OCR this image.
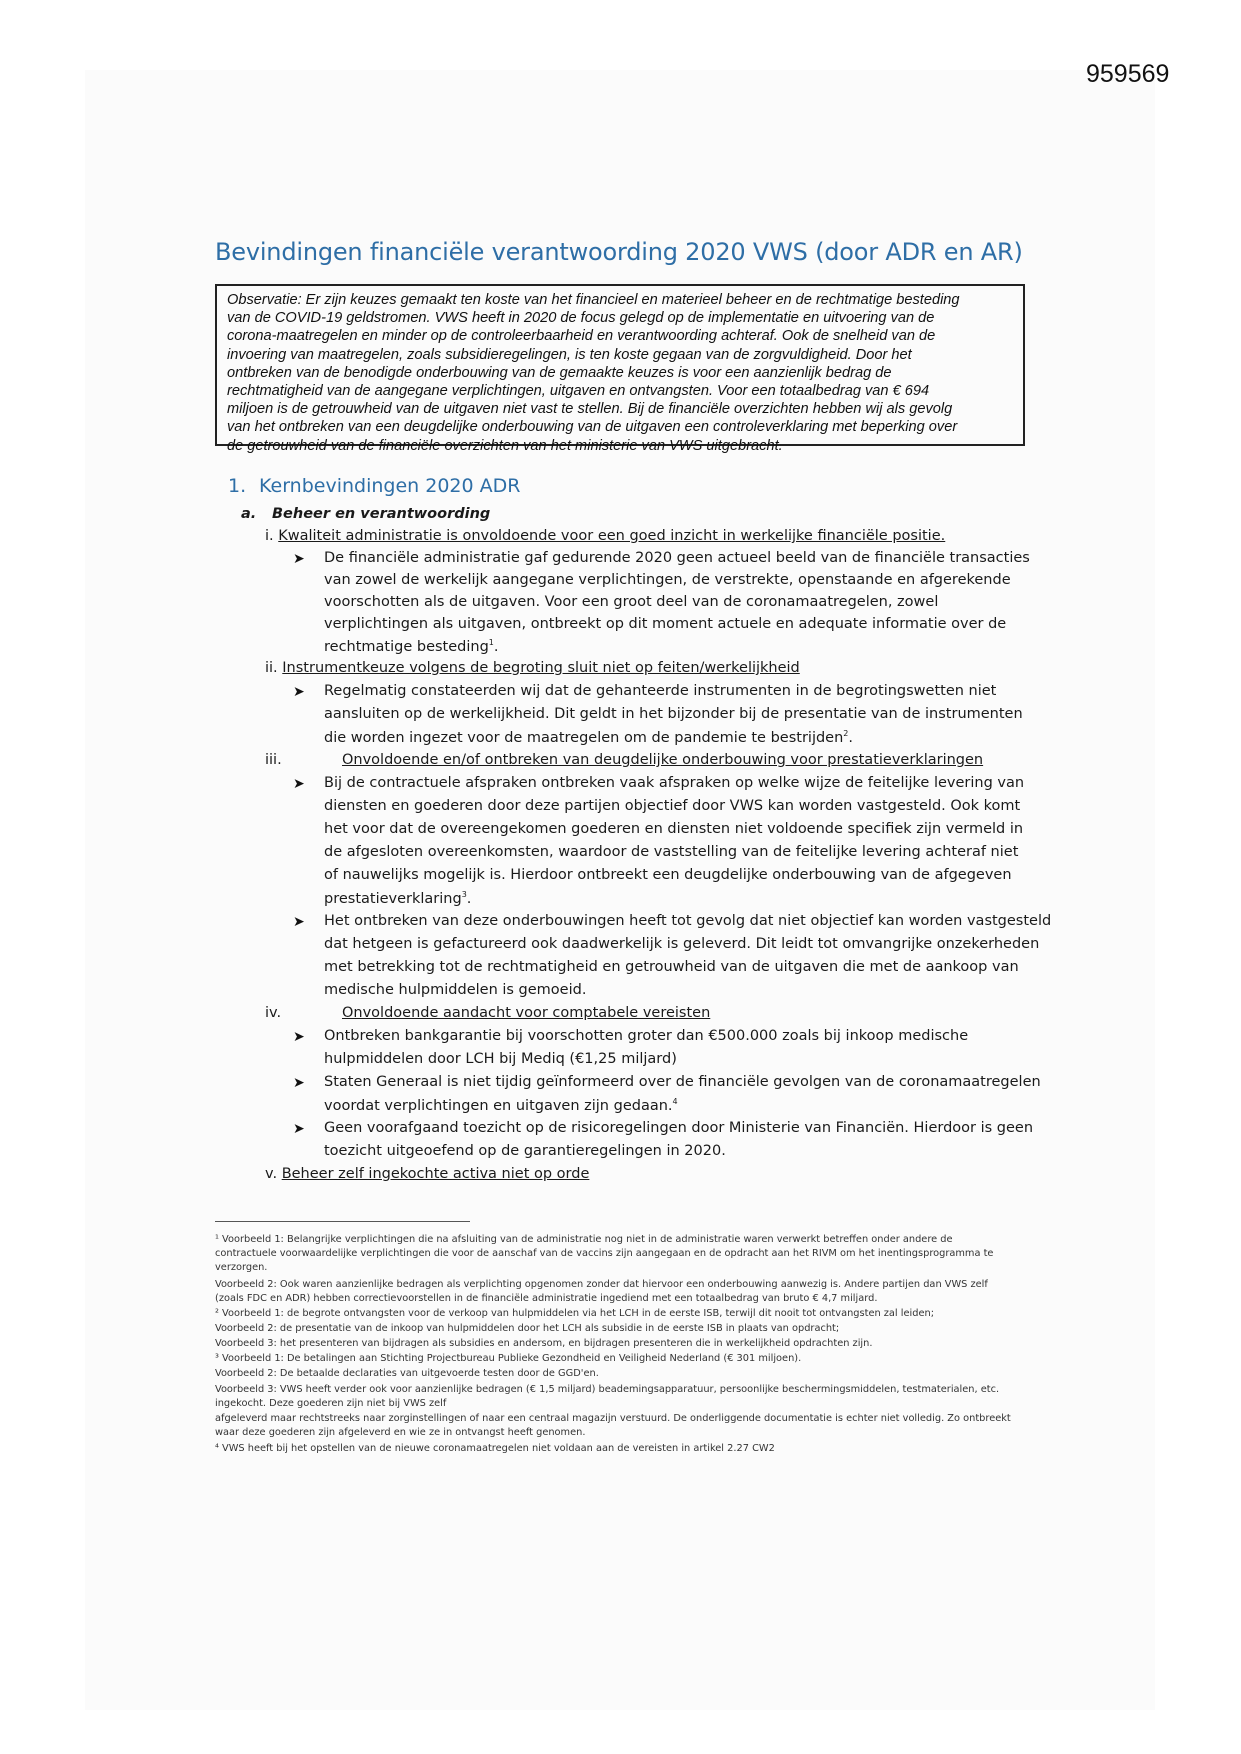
959569
Bevindingen financiële verantwoording 2020 VWS (door ADR en AR)
Observatie: Er zijn keuzes gemaakt ten koste van het financieel en materieel beheer en de rechtmatige besteding
van de COVID-19 geldstromen. VWS heeft in 2020 de focus gelegd op de implementatie en uitvoering van de
corona-maatregelen en minder op de controleerbaarheid en verantwoording achteraf. Ook de snelheid van de
invoering van maatregelen, zoals subsidieregelingen, is ten koste gegaan van de zorgvuldigheid. Door het
ontbreken van de benodigde onderbouwing van de gemaakte keuzes is voor een aanzienlijk bedrag de
rechtmatigheid van de aangegane verplichtingen, uitgaven en ontvangsten. Voor een totaalbedrag van € 694
miljoen is de getrouwheid van de uitgaven niet vast te stellen. Bij de financiële overzichten hebben wij als gevolg
van het ontbreken van een deugdelijke onderbouwing van de uitgaven een controleverklaring met beperking over
de getrouwheid van de financiële overzichten van het ministerie van VWS uitgebracht.
1. Kernbevindingen 2020 ADR
a. Beheer en verantwoording
i. Kwaliteit administratie is onvoldoende voor een goed inzicht in werkelijke financiële positie.
➤ De financiële administratie gaf gedurende 2020 geen actueel beeld van de financiële transacties
van zowel de werkelijk aangegane verplichtingen, de verstrekte, openstaande en afgerekende
voorschotten als de uitgaven. Voor een groot deel van de coronamaatregelen, zowel
verplichtingen als uitgaven, ontbreekt op dit moment actuele en adequate informatie over de
rechtmatige besteding$^1$.
ii. Instrumentkeuze volgens de begroting sluit niet op feiten/werkelijkheid
➤ Regelmatig constateerden wij dat de gehanteerde instrumenten in de begrotingswetten niet
aansluiten op de werkelijkheid. Dit geldt in het bijzonder bij de presentatie van de instrumenten
die worden ingezet voor de maatregelen om de pandemie te bestrijden$^2$.
iii.	Onvoldoende en/of ontbreken van deugdelijke onderbouwing voor prestatieverklaringen
➤ Bij de contractuele afspraken ontbreken vaak afspraken op welke wijze de feitelijke levering van
diensten en goederen door deze partijen objectief door VWS kan worden vastgesteld. Ook komt
het voor dat de overeengekomen goederen en diensten niet voldoende specifiek zijn vermeld in
de afgesloten overeenkomsten, waardoor de vaststelling van de feitelijke levering achteraf niet
of nauwelijks mogelijk is. Hierdoor ontbreekt een deugdelijke onderbouwing van de afgegeven
prestatieverklaring$^3$.
➤ Het ontbreken van deze onderbouwingen heeft tot gevolg dat niet objectief kan worden vastgesteld
dat hetgeen is gefactureerd ook daadwerkelijk is geleverd. Dit leidt tot omvangrijke onzekerheden
met betrekking tot de rechtmatigheid en getrouwheid van de uitgaven die met de aankoop van
medische hulpmiddelen is gemoeid.
iv.	Onvoldoende aandacht voor comptabele vereisten
➤ Ontbreken bankgarantie bij voorschotten groter dan €500.000 zoals bij inkoop medische
hulpmiddelen door LCH bij Mediq (€1,25 miljard)
➤ Staten Generaal is niet tijdig geïnformeerd over de financiële gevolgen van de coronamaatregelen
voordat verplichtingen en uitgaven zijn gedaan.$^4$
➤ Geen voorafgaand toezicht op de risicoregelingen door Ministerie van Financiën. Hierdoor is geen
toezicht uitgeoefend op de garantieregelingen in 2020.
v. Beheer zelf ingekochte activa niet op orde
¹ Voorbeeld 1: Belangrijke verplichtingen die na afsluiting van de administratie nog niet in de administratie waren verwerkt betreffen onder andere de
contractuele voorwaardelijke verplichtingen die voor de aanschaf van de vaccins zijn aangegaan en de opdracht aan het RIVM om het inentingsprogramma te
verzorgen.
Voorbeeld 2: Ook waren aanzienlijke bedragen als verplichting opgenomen zonder dat hiervoor een onderbouwing aanwezig is. Andere partijen dan VWS zelf
(zoals FDC en ADR) hebben correctievoorstellen in de financiële administratie ingediend met een totaalbedrag van bruto € 4,7 miljard.
² Voorbeeld 1: de begrote ontvangsten voor de verkoop van hulpmiddelen via het LCH in de eerste ISB, terwijl dit nooit tot ontvangsten zal leiden;
Voorbeeld 2: de presentatie van de inkoop van hulpmiddelen door het LCH als subsidie in de eerste ISB in plaats van opdracht;
Voorbeeld 3: het presenteren van bijdragen als subsidies en andersom, en bijdragen presenteren die in werkelijkheid opdrachten zijn.
³ Voorbeeld 1: De betalingen aan Stichting Projectbureau Publieke Gezondheid en Veiligheid Nederland (€ 301 miljoen).
Voorbeeld 2: De betaalde declaraties van uitgevoerde testen door de GGD'en.
Voorbeeld 3: VWS heeft verder ook voor aanzienlijke bedragen (€ 1,5 miljard) beademingsapparatuur, persoonlijke beschermingsmiddelen, testmaterialen, etc.
ingekocht. Deze goederen zijn niet bij VWS zelf
afgeleverd maar rechtstreeks naar zorginstellingen of naar een centraal magazijn verstuurd. De onderliggende documentatie is echter niet volledig. Zo ontbreekt
waar deze goederen zijn afgeleverd en wie ze in ontvangst heeft genomen.
⁴ VWS heeft bij het opstellen van de nieuwe coronamaatregelen niet voldaan aan de vereisten in artikel 2.27 CW2
